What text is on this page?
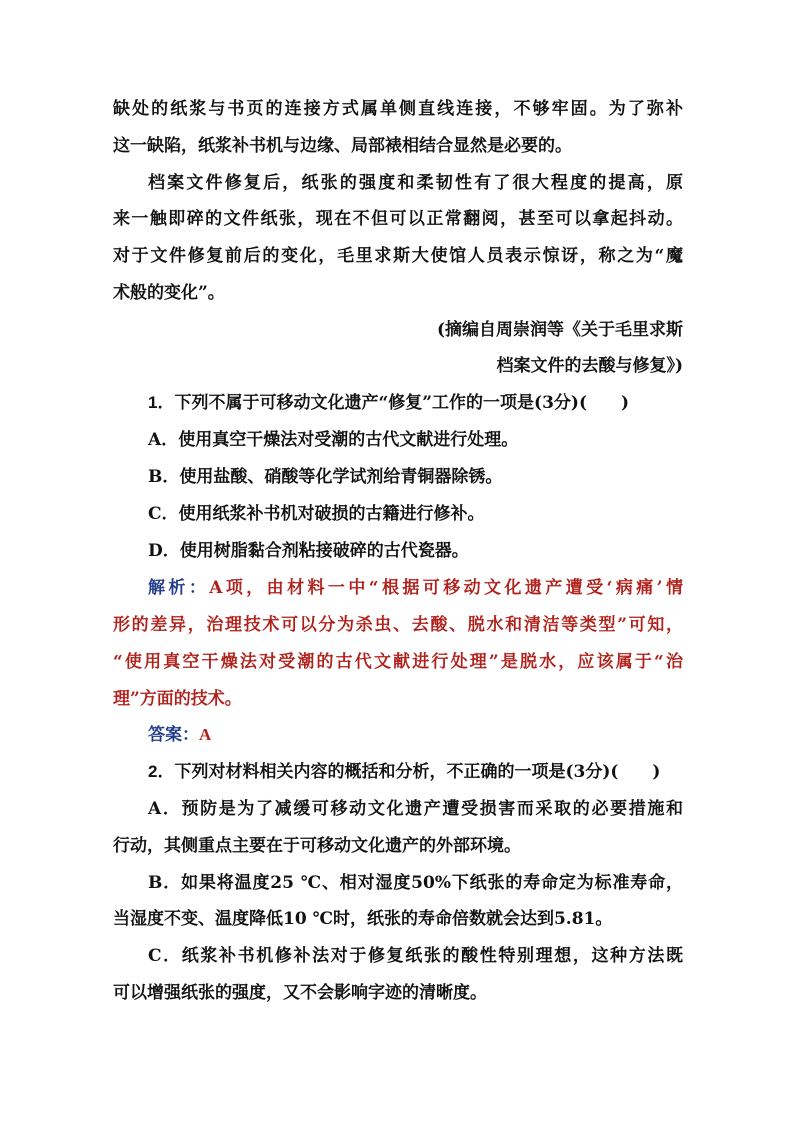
缺处的纸浆与书页的连接方式属单侧直线连接，不够牢固。为了弥补
这一缺陷，纸浆补书机与边缘、局部裱相结合显然是必要的。
档案文件修复后，纸张的强度和柔韧性有了很大程度的提高，原
来一触即碎的文件纸张，现在不但可以正常翻阅，甚至可以拿起抖动。
对于文件修复前后的变化，毛里求斯大使馆人员表示惊讶，称之为“魔
术般的变化”。
(摘编自周崇润等《关于毛里求斯
档案文件的去酸与修复》)
1．下列不属于可移动文化遗产“修复”工作的一项是(3分)(　　)
A．使用真空干燥法对受潮的古代文献进行处理。
B．使用盐酸、硝酸等化学试剂给青铜器除锈。
C．使用纸浆补书机对破损的古籍进行修补。
D．使用树脂黏合剂粘接破碎的古代瓷器。
解析：A项，由材料一中“根据可移动文化遗产遭受‘病痛’情
形的差异，治理技术可以分为杀虫、去酸、脱水和清洁等类型”可知，
“使用真空干燥法对受潮的古代文献进行处理”是脱水，应该属于“治
理”方面的技术。
答案：A
2．下列对材料相关内容的概括和分析，不正确的一项是(3分)(　　)
A．预防是为了减缓可移动文化遗产遭受损害而采取的必要措施和
行动，其侧重点主要在于可移动文化遗产的外部环境。
B．如果将温度25 ℃、相对湿度50%下纸张的寿命定为标准寿命，
当湿度不变、温度降低10 ℃时，纸张的寿命倍数就会达到5.81。
C．纸浆补书机修补法对于修复纸张的酸性特别理想，这种方法既
可以增强纸张的强度，又不会影响字迹的清晰度。
